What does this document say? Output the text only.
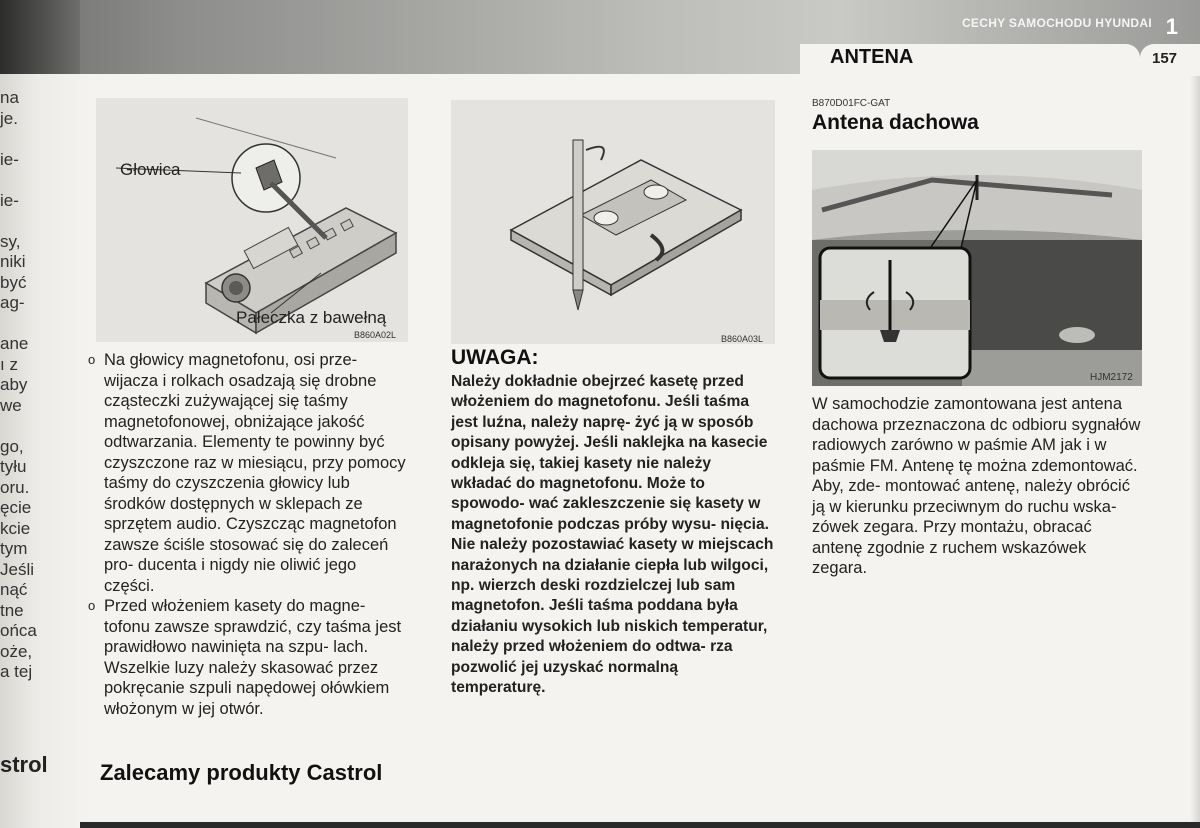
CECHY SAMOCHODU HYUNDAI 1
ANTENA	157
na
je.

ie-

ie-

sy,
niki
być
ag-

ane
ı z
aby
we

go,
tyłu
oru.
ęcie
kcie
tym
Jeśli
nąć
tne
ońca
oże,
a tej
strol
Głowica
Pałeczka z bawełną
B860A02L	B860A03L
HJM2172

o Na głowicy magnetofonu, osi prze- wijacza i rolkach osadzają się drobne cząsteczki zużywającej się taśmy magnetofonowej, obniżające jakość odtwarzania. Elementy te powinny być czyszczone raz w miesiącu, przy pomocy taśmy do czyszczenia głowicy lub środków dostępnych w sklepach ze sprzętem audio. Czyszcząc magnetofon zawsze ściśle stosować się do zaleceń pro- ducenta i nigdy nie oliwić jego części.

o Przed włożeniem kasety do magne- tofonu zawsze sprawdzić, czy taśma jest prawidłowo nawinięta na szpu- lach. Wszelkie luzy należy skasować przez pokręcanie szpuli napędowej ołówkiem włożonym w jej otwór.

Zalecamy produkty Castrol
UWAGA:

Należy dokładnie obejrzeć kasetę przed włożeniem do magnetofonu. Jeśli taśma jest luźna, należy naprę- żyć ją w sposób opisany powyżej. Jeśli naklejka na kasecie odkleja się, takiej kasety nie należy wkładać do magnetofonu. Może to spowodo- wać zakleszczenie się kasety w magnetofonie podczas próby wysu- nięcia.

Nie należy pozostawiać kasety w miejscach narażonych na działanie ciepła lub wilgoci, np. wierzch deski rozdzielczej lub sam magnetofon. Jeśli taśma poddana była działaniu wysokich lub niskich temperatur, należy przed włożeniem do odtwa- rza pozwolić jej uzyskać normalną temperaturę.

B870D01FC-GAT
Antena dachowa

W samochodzie zamontowana jest antena dachowa przeznaczona dc odbioru sygnałów radiowych zarówno w paśmie AM jak i w paśmie FM. Antenę tę można zdemontować. Aby, zde- montować antenę, należy obrócić ją w kierunku przeciwnym do ruchu wska- zówek zegara. Przy montażu, obracać antenę zgodnie z ruchem wskazówek zegara.
